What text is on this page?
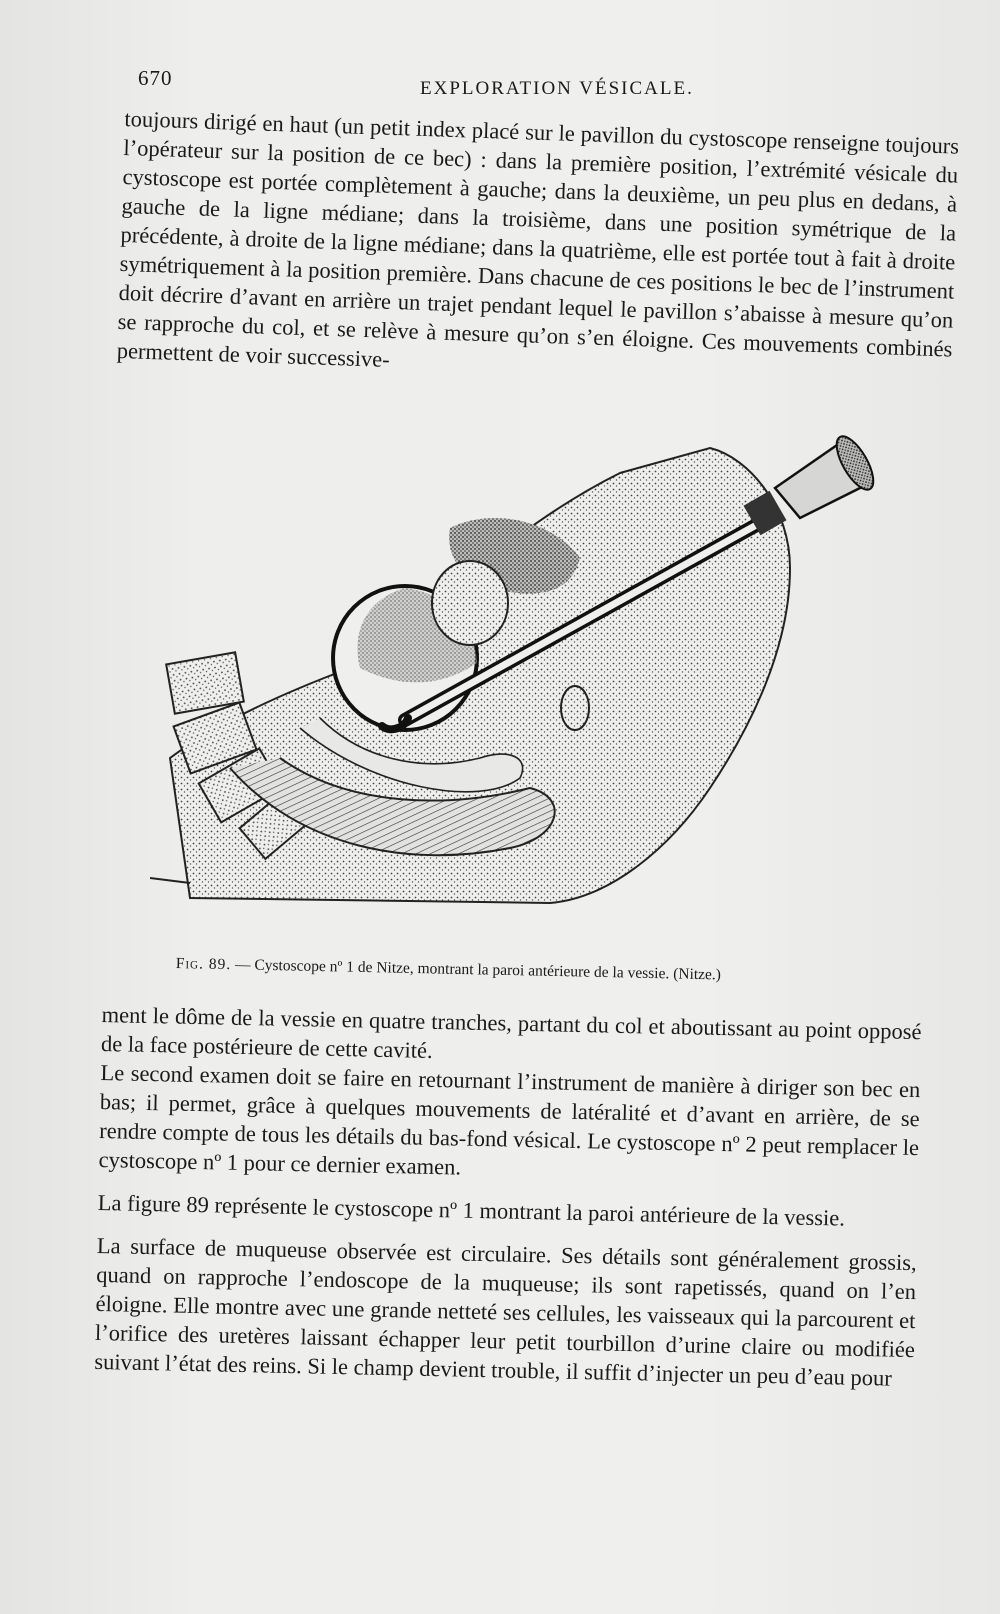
670	EXPLORATION VÉSICALE.

toujours dirigé en haut (un petit index placé sur le pavillon du cystoscope renseigne toujours l’opérateur sur la position de ce bec) : dans la première position, l’extrémité vésicale du cystoscope est portée complètement à gauche; dans la deuxième, un peu plus en dedans, à gauche de la ligne médiane; dans la troisième, dans une position symétrique de la précédente, à droite de la ligne médiane; dans la quatrième, elle est portée tout à fait à droite symétriquement à la position première. Dans chacune de ces positions le bec de l’instrument doit décrire d’avant en arrière un trajet pendant lequel le pavillon s’abaisse à mesure qu’on se rapproche du col, et se relève à mesure qu’on s’en éloigne. Ces mouvements combinés permettent de voir successive-

Fig. 89. — Cystoscope nº 1 de Nitze, montrant la paroi antérieure de la vessie. (Nitze.)

ment le dôme de la vessie en quatre tranches, partant du col et aboutissant au point opposé de la face postérieure de cette cavité.

Le second examen doit se faire en retournant l’instrument de manière à diriger son bec en bas; il permet, grâce à quelques mouvements de latéralité et d’avant en arrière, de se rendre compte de tous les détails du bas-fond vésical. Le cystoscope nº 2 peut remplacer le cystoscope nº 1 pour ce dernier examen.

La figure 89 représente le cystoscope nº 1 montrant la paroi antérieure de la vessie.

La surface de muqueuse observée est circulaire. Ses détails sont généralement grossis, quand on rapproche l’endoscope de la muqueuse; ils sont rapetissés, quand on l’en éloigne. Elle montre avec une grande netteté ses cellules, les vaisseaux qui la parcourent et l’orifice des uretères laissant échapper leur petit tourbillon d’urine claire ou modifiée suivant l’état des reins. Si le champ devient trouble, il suffit d’injecter un peu d’eau pour
